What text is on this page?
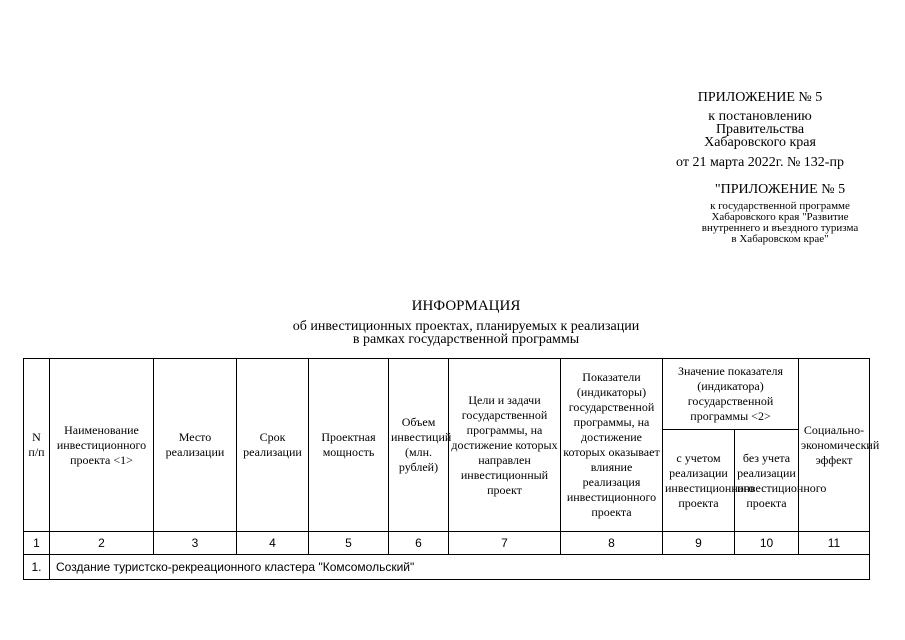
ПРИЛОЖЕНИЕ № 5
к постановлению
Правительства
Хабаровского края
от 21 марта 2022г. № 132-пр
"ПРИЛОЖЕНИЕ № 5
к государственной программе
Хабаровского края "Развитие
внутреннего и въездного туризма
в Хабаровском крае"
ИНФОРМАЦИЯ
об инвестиционных проектах, планируемых к реализации
в рамках государственной программы
N п/п	Наименование инвестиционного проекта <1>	Место реализации	Срок реализации	Проектная мощность	Объем инвестиций (млн. рублей)	Цели и задачи государственной программы, на достижение которых направлен инвестиционный проект	Показатели (индикаторы) государственной программы, на достижение которых оказывает влияние реализация инвестиционного проекта	Значение показателя (индикатора) государственной программы <2>		Социально-экономический эффект
								с учетом реализации инвестиционного проекта	без учета реализации инвестиционного проекта	
1	2	3	4	5	6	7	8	9	10	11
1.	Создание туристско-рекреационного кластера "Комсомольский"									
